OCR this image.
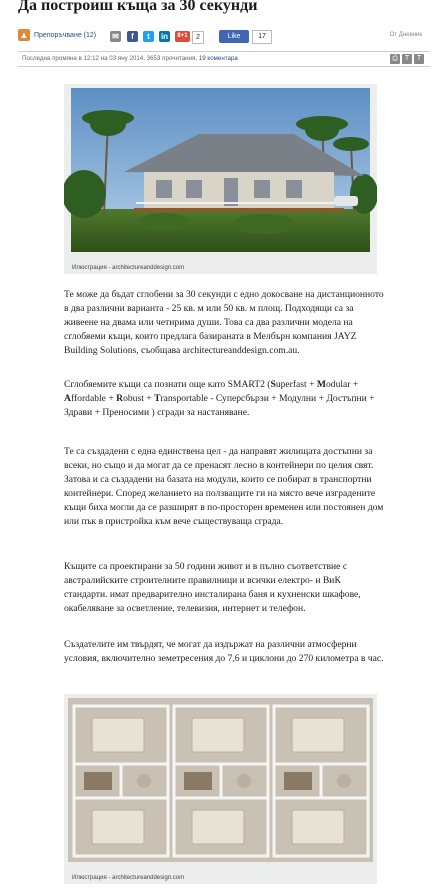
Да построиш къща за 30 секунди
▲ Препоръчване (12) ✉	f	t	in	8+1	2	Like	17	От Дневник
Последна промяна в 12:12 на 03 яну 2014, 3653 прочитания, 19 коментара	⎙	T	T
Илюстрация - architectureanddesign.com

Те може да бъдат сглобени за 30 секунди с едно докосване на дистанционното в два различни варианта - 25 кв. м или 50 кв. м площ. Подходящи са за живеене на двама или четирима души. Това са два различни модела на сглобяеми къщи, които предлага базираната в Мелбърн компания JAYZ Building Solutions, съобщава architectureanddesign.com.au.

Сглобяемите къщи са познати още като SMART2 (Superfast + Modular + Affordable + Robust + Transportable - Суперсбързи + Модулни + Достъпни + Здрави + Преносими ) сгради за настаняване.

Те са създадени с една единствена цел - да направят жилищата достъпни за всеки, но също и да могат да се пренасят лесно в контейнери по целия свят. Затова и са създадени на базата на модули, които се побират в транспортни контейнери. Според желанието на ползващите ги на място вече изградените къщи биха могли да се разширят в по-просторен временен или постоянен дом или пък в пристройка към вече съществуваща сграда.

Къщите са проектирани за 50 години живот и в пълно съответствие с австралийските строителните правилници и всички електро- и ВиК стандарти. имат предварително инсталирана баня и кухненски шкафове, окабеляване за осветление, телевизия, интернет и телефон.

Създателите им твърдят, че могат да издържат на различни атмосферни условия, включително земетресения до 7,6 и циклони до 270 километра в час.

Илюстрация - architectureanddesign.com
